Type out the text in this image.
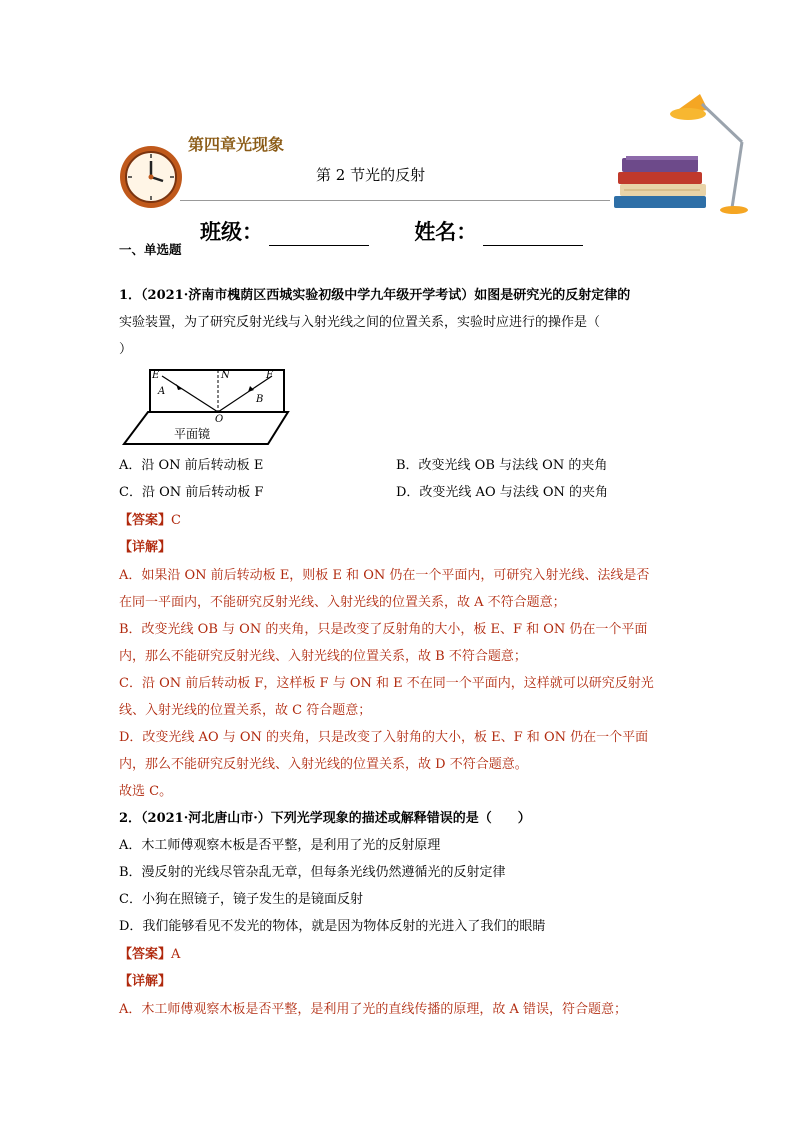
第四章光现象
第 2 节光的反射
班级：	姓名：
一、单选题
1．（2021·济南市槐荫区西城实验初级中学九年级开学考试）如图是研究光的反射定律的
实验装置，为了研究反射光线与入射光线之间的位置关系，实验时应进行的操作是（
）
E	N	F
A
B
O
平面镜
A．沿 ON 前后转动板 E	B．改变光线 OB 与法线 ON 的夹角
C．沿 ON 前后转动板 F	D．改变光线 AO 与法线 ON 的夹角
【答案】C
【详解】
A．如果沿 ON 前后转动板 E，则板 E 和 ON 仍在一个平面内，可研究入射光线、法线是否
在同一平面内，不能研究反射光线、入射光线的位置关系，故 A 不符合题意；
B．改变光线 OB 与 ON 的夹角，只是改变了反射角的大小，板 E、F 和 ON 仍在一个平面
内，那么不能研究反射光线、入射光线的位置关系，故 B 不符合题意；
C．沿 ON 前后转动板 F，这样板 F 与 ON 和 E 不在同一个平面内，这样就可以研究反射光
线、入射光线的位置关系，故 C 符合题意；
D．改变光线 AO 与 ON 的夹角，只是改变了入射角的大小，板 E、F 和 ON 仍在一个平面
内，那么不能研究反射光线、入射光线的位置关系，故 D 不符合题意。
故选 C。
2．（2021·河北唐山市·）下列光学现象的描述或解释错误的是（　　）
A．木工师傅观察木板是否平整，是利用了光的反射原理
B．漫反射的光线尽管杂乱无章，但每条光线仍然遵循光的反射定律
C．小狗在照镜子，镜子发生的是镜面反射
D．我们能够看见不发光的物体，就是因为物体反射的光进入了我们的眼睛
【答案】A
【详解】
A．木工师傅观察木板是否平整，是利用了光的直线传播的原理，故 A 错误，符合题意；
